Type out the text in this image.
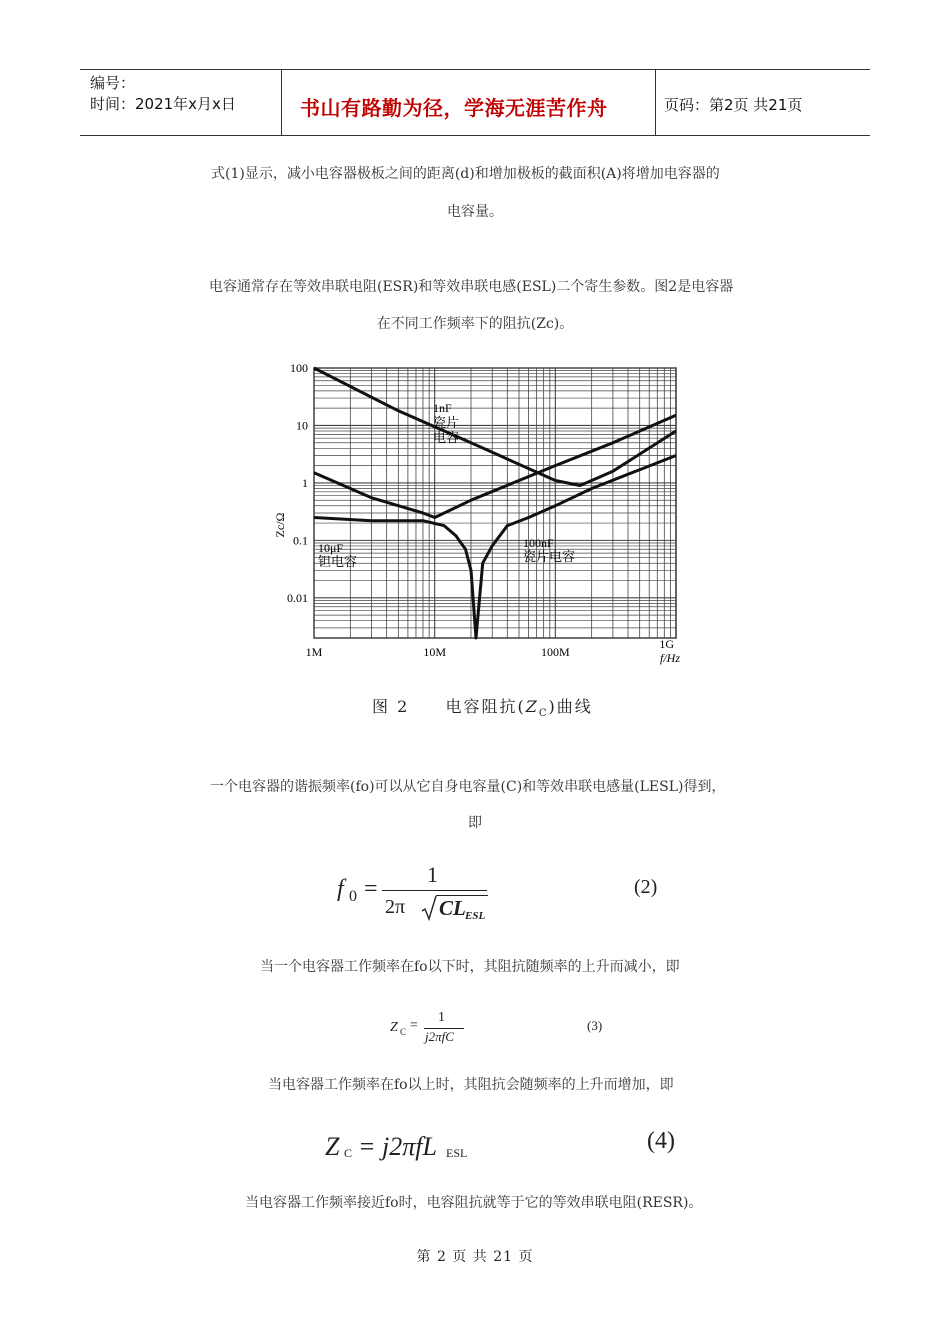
编号：
时间：2021年x月x日	书山有路勤为径，学海无涯苦作舟	页码：第2页 共21页
式(1)显示，减小电容器极板之间的距离(d)和增加极板的截面积(A)将增加电容器的
电容量。
电容通常存在等效串联电阻(ESR)和等效串联电感(ESL)二个寄生参数。图2是电容器
在不同工作频率下的阻抗(Zc)。
1M	10M	100M
1G
100
10
1
0.1
0.01
Zc/Ω
f/Hz
1nF
瓷片
电容
10μF
钽电容
100nF
瓷片电容
图 2 电容阻抗$(Z_C)$曲线
一个电容器的谐振频率(fo)可以从它自身电容量(C)和等效串联电感量(LESL)得到，
即
f 0 =
1
2π CL ESL
(2)
当一个电容器工作频率在fo以下时，其阻抗随频率的上升而减小，即
Z C =
1
j2πfC
(3)
当电容器工作频率在fo以上时，其阻抗会随频率的上升而增加，即
Z C = j2πfL ESL	(4)
当电容器工作频率接近fo时，电容阻抗就等于它的等效串联电阻(RESR)。
第 2 页 共 21 页
